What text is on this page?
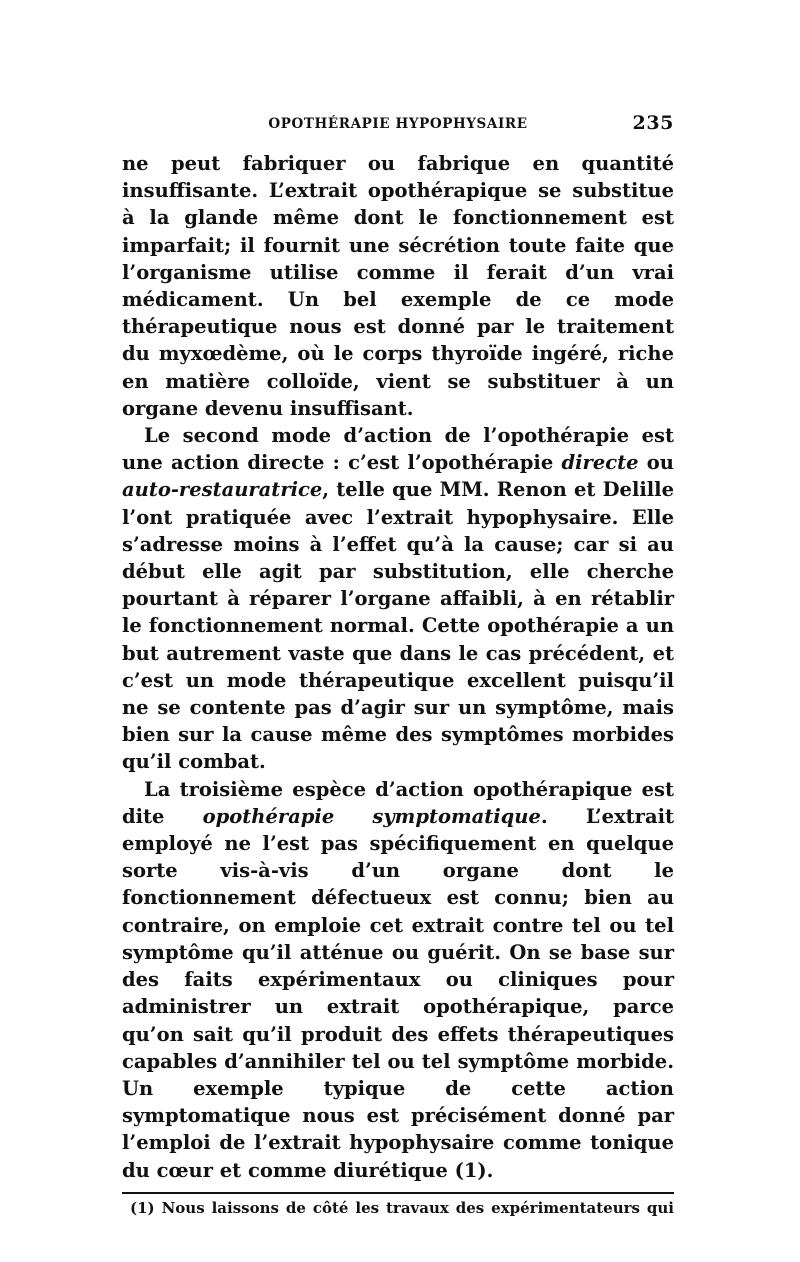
OPOTHÉRAPIE HYPOPHYSAIRE	235

ne peut fabriquer ou fabrique en quantité insuffisante. L’extrait opothérapique se substitue à la glande même dont le fonctionnement est imparfait; il fournit une sécrétion toute faite que l’organisme utilise comme il ferait d’un vrai médicament. Un bel exemple de ce mode thérapeutique nous est donné par le traitement du myxœdème, où le corps thyroïde ingéré, riche en matière colloïde, vient se substituer à un organe devenu insuffisant.

Le second mode d’action de l’opothérapie est une action directe : c’est l’opothérapie directe ou auto-restauratrice, telle que MM. Renon et Delille l’ont pratiquée avec l’extrait hypophysaire. Elle s’adresse moins à l’effet qu’à la cause; car si au début elle agit par substitution, elle cherche pourtant à réparer l’organe affaibli, à en rétablir le fonctionnement normal. Cette opothérapie a un but autrement vaste que dans le cas précédent, et c’est un mode thérapeutique excellent puisqu’il ne se contente pas d’agir sur un symptôme, mais bien sur la cause même des symptômes morbides qu’il combat.

La troisième espèce d’action opothérapique est dite opothérapie symptomatique. L’extrait employé ne l’est pas spécifiquement en quelque sorte vis-à-vis d’un organe dont le fonctionnement défectueux est connu; bien au contraire, on emploie cet extrait contre tel ou tel symptôme qu’il atténue ou guérit. On se base sur des faits expérimentaux ou cliniques pour administrer un extrait opothérapique, parce qu’on sait qu’il produit des effets thérapeutiques capables d’annihiler tel ou tel symptôme morbide. Un exemple typique de cette action symptomatique nous est précisément donné par l’emploi de l’extrait hypophysaire comme tonique du cœur et comme diurétique (1).

(1) Nous laissons de côté les travaux des expérimentateurs qui
